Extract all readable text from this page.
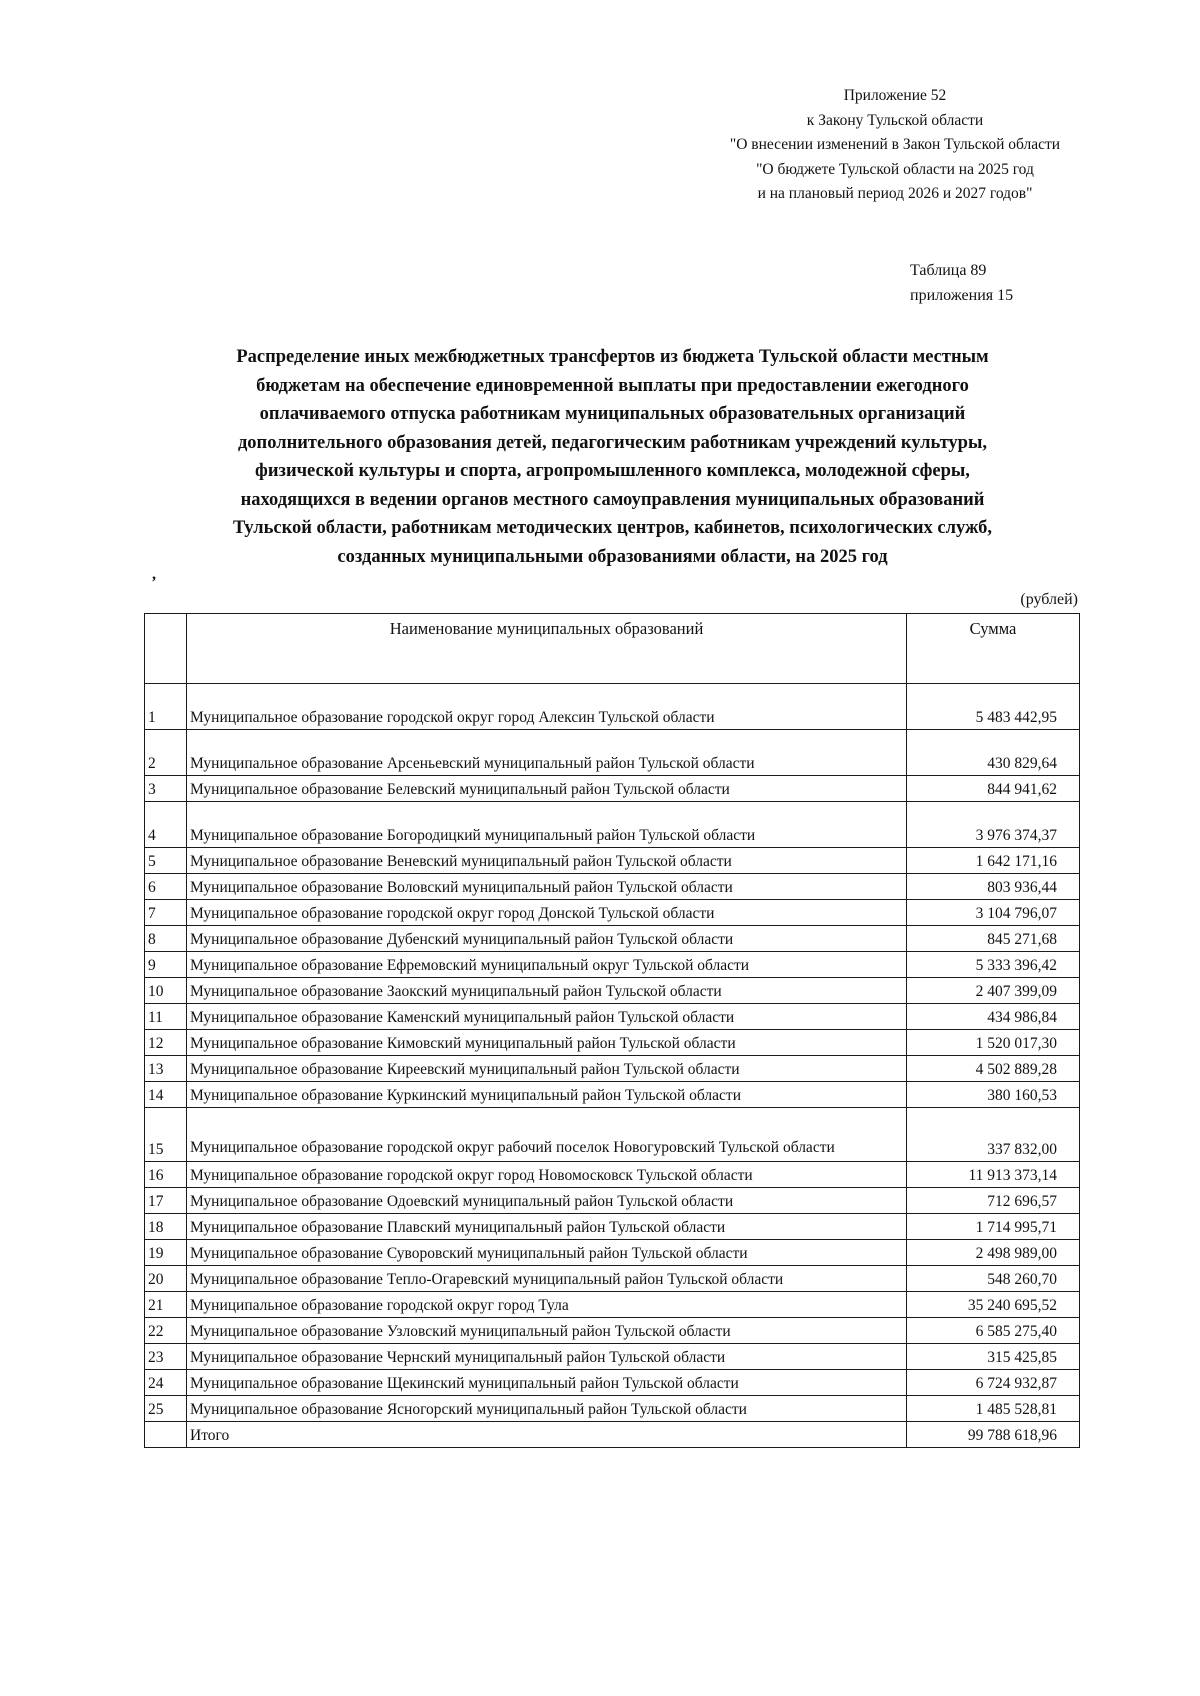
Приложение 52
к Закону Тульской области
"О внесении изменений в Закон Тульской области
"О бюджете Тульской области на 2025 год
и на плановый период 2026 и 2027 годов"
Таблица 89
приложения 15
Распределение иных межбюджетных трансфертов из бюджета Тульской области местным
бюджетам на обеспечение единовременной выплаты при предоставлении ежегодного
оплачиваемого отпуска работникам муниципальных образовательных организаций
дополнительного образования детей, педагогическим работникам учреждений культуры,
физической культуры и спорта, агропромышленного комплекса, молодежной сферы,
находящихся в ведении органов местного самоуправления муниципальных образований
Тульской области, работникам методических центров, кабинетов, психологических служб,
созданных муниципальными образованиями области, на 2025 год
,
(рублей)
	Наименование муниципальных образований	Сумма
1	Муниципальное образование городской округ город Алексин Тульской области	5 483 442,95
2	Муниципальное образование Арсеньевский муниципальный район Тульской области	430 829,64
3	Муниципальное образование Белевский муниципальный район Тульской области	844 941,62
4	Муниципальное образование Богородицкий муниципальный район Тульской области	3 976 374,37
5	Муниципальное образование Веневский муниципальный район Тульской области	1 642 171,16
6	Муниципальное образование Воловский муниципальный район Тульской области	803 936,44
7	Муниципальное образование городской округ город Донской Тульской области	3 104 796,07
8	Муниципальное образование Дубенский муниципальный район Тульской области	845 271,68
9	Муниципальное образование Ефремовский муниципальный округ Тульской области	5 333 396,42
10	Муниципальное образование Заокский муниципальный район Тульской области	2 407 399,09
11	Муниципальное образование Каменский муниципальный район Тульской области	434 986,84
12	Муниципальное образование Кимовский муниципальный район Тульской области	1 520 017,30
13	Муниципальное образование Киреевский муниципальный район Тульской области	4 502 889,28
14	Муниципальное образование Куркинский муниципальный район Тульской области	380 160,53
15	Муниципальное образование городской округ рабочий поселок Новогуровский Тульской области	337 832,00
16	Муниципальное образование городской округ город Новомосковск Тульской области	11 913 373,14
17	Муниципальное образование Одоевский муниципальный район Тульской области	712 696,57
18	Муниципальное образование Плавский муниципальный район Тульской области	1 714 995,71
19	Муниципальное образование Суворовский муниципальный район Тульской области	2 498 989,00
20	Муниципальное образование Тепло-Огаревский муниципальный район Тульской области	548 260,70
21	Муниципальное образование городской округ город Тула	35 240 695,52
22	Муниципальное образование Узловский муниципальный район Тульской области	6 585 275,40
23	Муниципальное образование Чернский муниципальный район Тульской области	315 425,85
24	Муниципальное образование Щекинский муниципальный район Тульской области	6 724 932,87
25	Муниципальное образование Ясногорский муниципальный район Тульской области	1 485 528,81
	Итого	99 788 618,96
